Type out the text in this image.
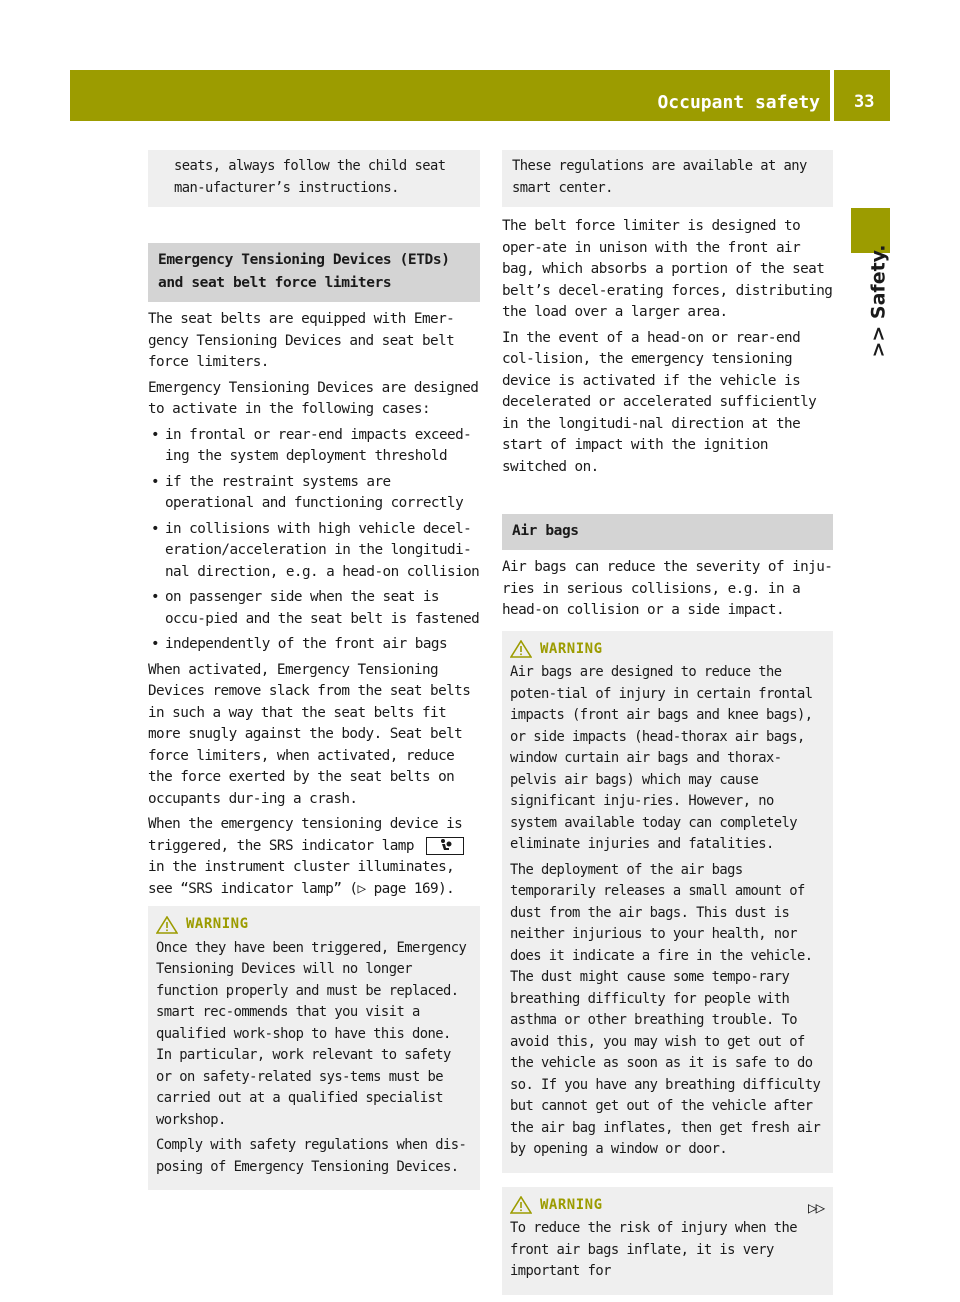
Occupant safety 33
>> Safety.

seats, always follow the child seat man-ufacturer’s instructions.

Emergency Tensioning Devices (ETDs) and seat belt force limiters

The seat belts are equipped with Emer-gency Tensioning Devices and seat belt force limiters.

Emergency Tensioning Devices are designed to activate in the following cases:

• in frontal or rear-end impacts exceed-ing the system deployment threshold
• if the restraint systems are operational and functioning correctly
• in collisions with high vehicle decel-eration/acceleration in the longitudi-nal direction, e.g. a head-on collision
• on passenger side when the seat is occu-pied and the seat belt is fastened
• independently of the front air bags

When activated, Emergency Tensioning Devices remove slack from the seat belts in such a way that the seat belts fit more snugly against the body. Seat belt force limiters, when activated, reduce the force exerted by the seat belts on occupants dur-ing a crash.

When the emergency tensioning device is triggered, the SRS indicator lamp  in the instrument cluster illuminates, see “SRS indicator lamp” (▷ page 169).

WARNING

Once they have been triggered, Emergency Tensioning Devices will no longer function properly and must be replaced. smart rec-ommends that you visit a qualified work-shop to have this done. In particular, work relevant to safety or on safety-related sys-tems must be carried out at a qualified specialist workshop.

Comply with safety regulations when dis-posing of Emergency Tensioning Devices.

These regulations are available at any smart center.

The belt force limiter is designed to oper-ate in unison with the front air bag, which absorbs a portion of the seat belt’s decel-erating forces, distributing the load over a larger area.

In the event of a head-on or rear-end col-lision, the emergency tensioning device is activated if the vehicle is decelerated or accelerated sufficiently in the longitudi-nal direction at the start of impact with the ignition switched on.

Air bags

Air bags can reduce the severity of inju-ries in serious collisions, e.g. in a head-on collision or a side impact.

WARNING

Air bags are designed to reduce the poten-tial of injury in certain frontal impacts (front air bags and knee bags), or side impacts (head-thorax air bags, window curtain air bags and thorax-pelvis air bags) which may cause significant inju-ries. However, no system available today can completely eliminate injuries and fatalities.

The deployment of the air bags temporarily releases a small amount of dust from the air bags. This dust is neither injurious to your health, nor does it indicate a fire in the vehicle. The dust might cause some tempo-rary breathing difficulty for people with asthma or other breathing trouble. To avoid this, you may wish to get out of the vehicle as soon as it is safe to do so. If you have any breathing difficulty but cannot get out of the vehicle after the air bag inflates, then get fresh air by opening a window or door.

WARNING

To reduce the risk of injury when the front air bags inflate, it is very important for

▷▷
